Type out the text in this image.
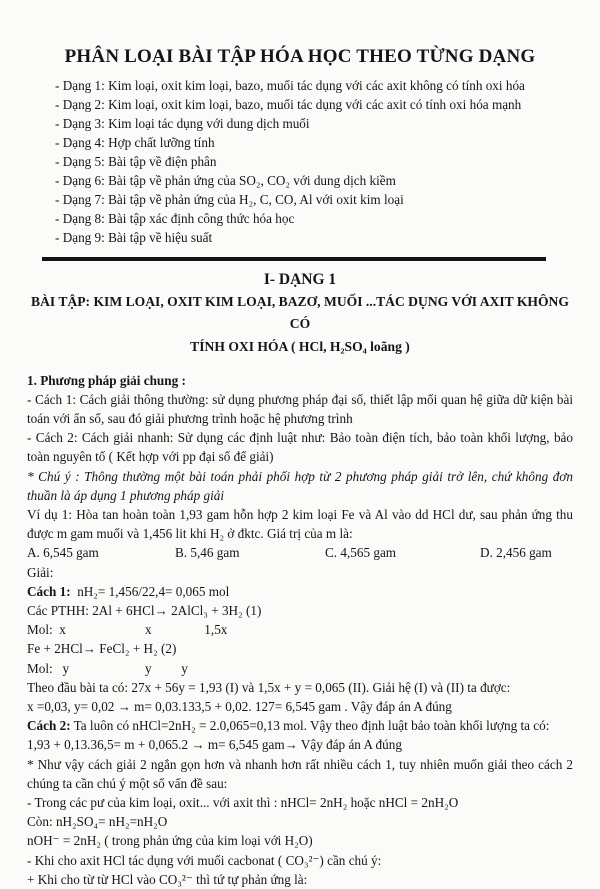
PHÂN LOẠI BÀI TẬP HÓA HỌC THEO TỪNG DẠNG

- Dạng 1: Kim loại, oxit kim loại, bazo, muối tác dụng với các axit không có tính oxi hóa

- Dạng 2: Kim loại, oxit kim loại, bazo, muối tác dụng với các axit có tính oxi hóa mạnh

- Dạng 3: Kim loại tác dụng với dung dịch muối

- Dạng 4: Hợp chất lưỡng tính

- Dạng 5: Bài tập về điện phân

- Dạng 6: Bài tập về phản ứng của SO₂, CO₂ với dung dịch kiềm

- Dạng 7: Bài tập về phản ứng của H₂, C, CO, Al với oxit kim loại

- Dạng 8: Bài tập xác định công thức hóa học

- Dạng 9: Bài tập về hiệu suất

I- DẠNG 1
BÀI TẬP: KIM LOẠI, OXIT KIM LOẠI, BAZƠ, MUỐI ...TÁC DỤNG VỚI AXIT KHÔNG CÓ
TÍNH OXI HÓA ( HCl, H₂SO₄ loãng )

1. Phương pháp giải chung :

- Cách 1: Cách giải thông thường: sử dụng phương pháp đại số, thiết lập mối quan hệ giữa dữ kiện bài toán với ẩn số, sau đó giải phương trình hoặc hệ phương trình

- Cách 2: Cách giải nhanh: Sử dụng các định luật như: Bảo toàn điện tích, bảo toàn khối lượng, bảo toàn nguyên tố ( Kết hợp với pp đại số để giải)

* Chú ý : Thông thường một bài toán phải phối hợp từ 2 phương pháp giải trở lên, chứ không đơn thuần là áp dụng 1 phương pháp giải

Ví dụ 1: Hòa tan hoàn toàn 1,93 gam hỗn hợp 2 kim loại Fe và Al vào dd HCl dư, sau phản ứng thu được m gam muối và 1,456 lit khi H₂ ở đktc. Giá trị của m là:

A. 6,545 gam	B. 5,46 gam	C. 4,565 gam	D. 2,456 gam

Giải:

Cách 1:  nH₂= 1,456/22,4= 0,065 mol

Các PTHH: 2Al + 6HCl→ 2AlCl₃ + 3H₂ (1)

Mol:  x                        x                1,5x

Fe + 2HCl→ FeCl₂ + H₂ (2)

Mol:   y                       y         y

Theo đầu bài ta có: 27x + 56y = 1,93 (I) và 1,5x + y = 0,065 (II). Giải hệ (I) và (II) ta được:

x =0,03, y= 0,02 → m= 0,03.133,5 + 0,02. 127= 6,545 gam . Vậy đáp án A đúng

Cách 2: Ta luôn có nHCl=2nH₂ = 2.0,065=0,13 mol. Vậy theo định luật bảo toàn khối lượng ta có:

1,93 + 0,13.36,5= m + 0,065.2 → m= 6,545 gam→ Vậy đáp án A đúng

* Như vậy cách giải 2 ngắn gọn hơn và nhanh hơn rất nhiều cách 1, tuy nhiên muốn giải theo cách 2 chúng ta cần chú ý một số vấn đề sau:

- Trong các pư của kim loại, oxit... với axit thì : nHCl= 2nH₂ hoặc nHCl = 2nH₂O

Còn: nH₂SO₄= nH₂=nH₂O

nOH⁻ = 2nH₂ ( trong phản ứng của kim loại với H₂O)

- Khi cho axit HCl tác dụng với muối cacbonat ( CO₃²⁻) cần chú ý:

+ Khi cho từ từ HCl vào CO₃²⁻ thì tứ tự phản ứng là:
